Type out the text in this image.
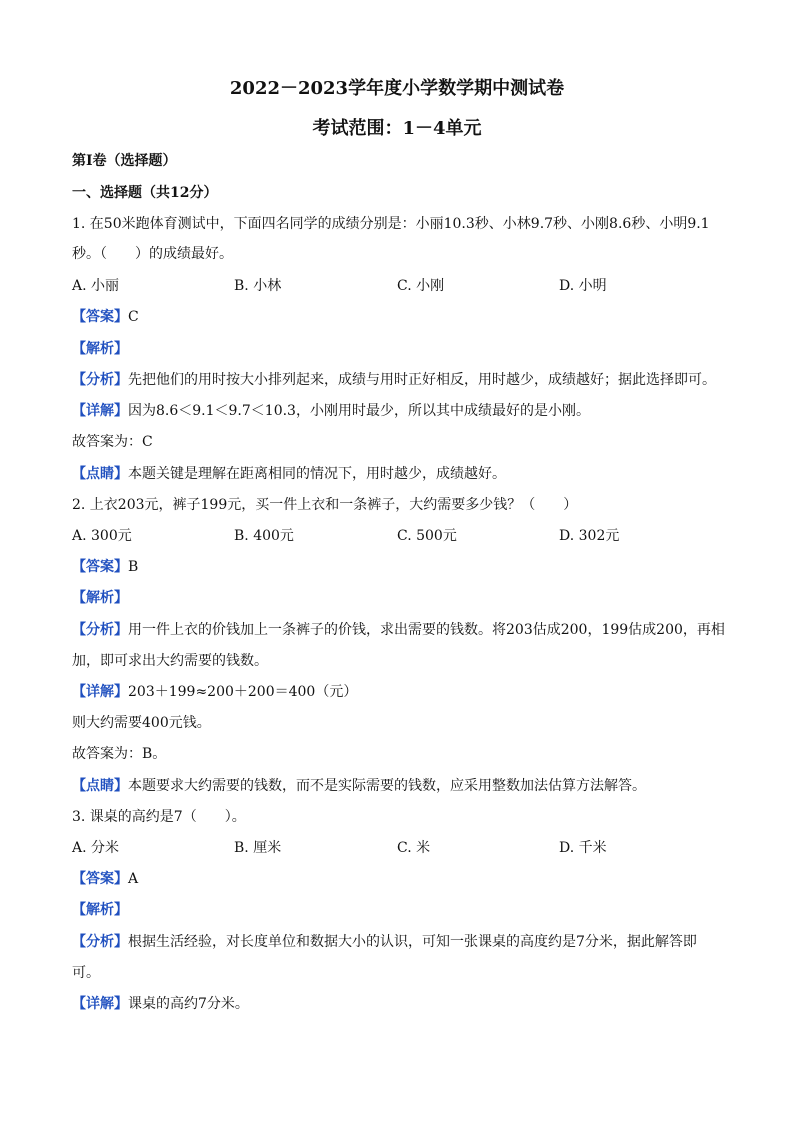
2022－2023学年度小学数学期中测试卷
考试范围：1－4单元
第Ⅰ卷（选择题）
一、选择题（共12分）
1. 在50米跑体育测试中，下面四名同学的成绩分别是：小丽10.3秒、小林9.7秒、小刚8.6秒、小明9.1
秒。（　　）的成绩最好。
A. 小丽	B. 小林	C. 小刚	D. 小明
【答案】C
【解析】
【分析】先把他们的用时按大小排列起来，成绩与用时正好相反，用时越少，成绩越好；据此选择即可。
【详解】因为8.6＜9.1＜9.7＜10.3，小刚用时最少，所以其中成绩最好的是小刚。
故答案为：C
【点睛】本题关键是理解在距离相同的情况下，用时越少，成绩越好。
2. 上衣203元，裤子199元，买一件上衣和一条裤子，大约需要多少钱？（　　）
A. 300元	B. 400元	C. 500元	D. 302元
【答案】B
【解析】
【分析】用一件上衣的价钱加上一条裤子的价钱，求出需要的钱数。将203估成200，199估成200，再相
加，即可求出大约需要的钱数。
【详解】203＋199≈200＋200＝400（元）
则大约需要400元钱。
故答案为：B。
【点睛】本题要求大约需要的钱数，而不是实际需要的钱数，应采用整数加法估算方法解答。
3. 课桌的高约是7（　　）。
A. 分米	B. 厘米	C. 米	D. 千米
【答案】A
【解析】
【分析】根据生活经验，对长度单位和数据大小的认识，可知一张课桌的高度约是7分米，据此解答即
可。
【详解】课桌的高约7分米。
